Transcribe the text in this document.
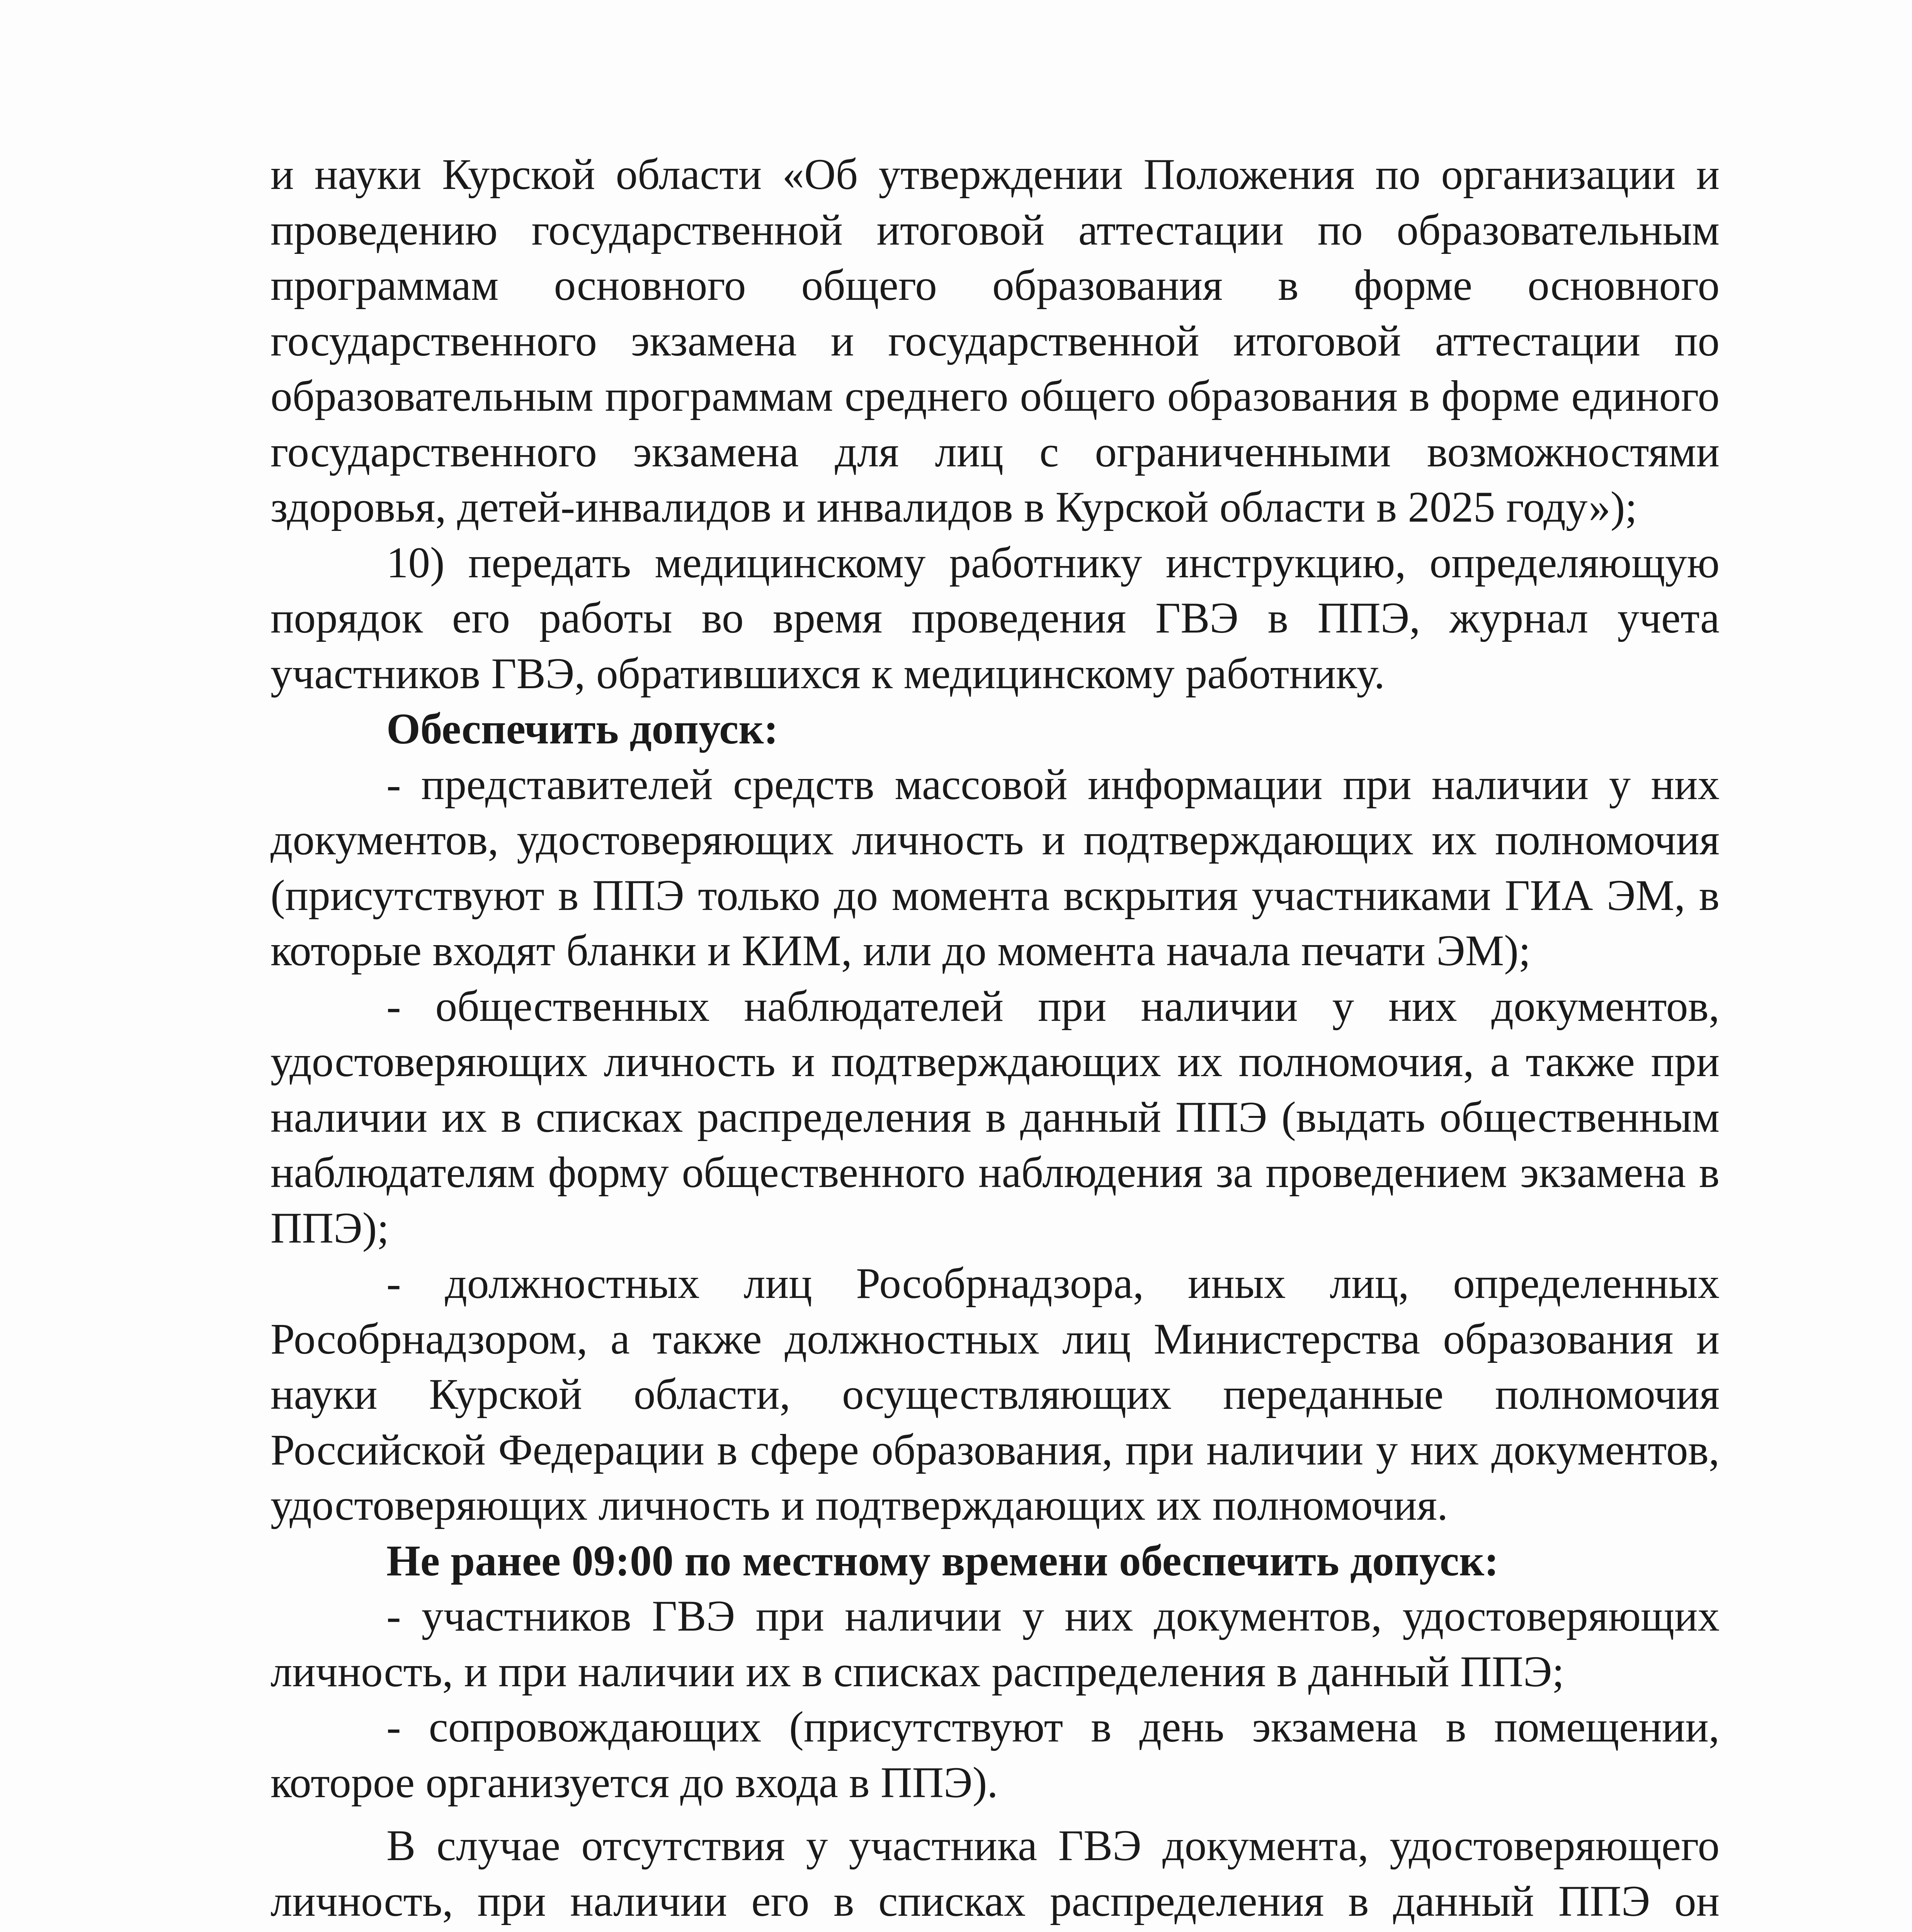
и науки Курской области «Об утверждении Положения по организации и проведению государственной итоговой аттестации по образовательным программам основного общего образования в форме основного государственного экзамена и государственной итоговой аттестации по образовательным программам среднего общего образования в форме единого государственного экзамена для лиц с ограниченными возможностями здоровья, детей-инвалидов и инвалидов в Курской области в 2025 году»);

10) передать медицинскому работнику инструкцию, определяющую порядок его работы во время проведения ГВЭ в ППЭ, журнал учета участников ГВЭ, обратившихся к медицинскому работнику.

Обеспечить допуск:

- представителей средств массовой информации при наличии у них документов, удостоверяющих личность и подтверждающих их полномочия (присутствуют в ППЭ только до момента вскрытия участниками ГИА ЭМ, в которые входят бланки и КИМ, или до момента начала печати ЭМ);

- общественных наблюдателей при наличии у них документов, удостоверяющих личность и подтверждающих их полномочия, а также при наличии их в списках распределения в данный ППЭ (выдать общественным наблюдателям форму общественного наблюдения за проведением экзамена в ППЭ);

- должностных лиц Рособрнадзора, иных лиц, определенных Рособрнадзором, а также должностных лиц Министерства образования и науки Курской области, осуществляющих переданные полномочия Российской Федерации в сфере образования, при наличии у них документов, удостоверяющих личность и подтверждающих их полномочия.

Не ранее 09:00 по местному времени обеспечить допуск:

- участников ГВЭ при наличии у них документов, удостоверяющих личность, и при наличии их в списках распределения в данный ППЭ;

- сопровождающих (присутствуют в день экзамена в помещении, которое организуется до входа в ППЭ).

В случае отсутствия у участника ГВЭ документа, удостоверяющего личность, при наличии его в списках распределения в данный ППЭ он
